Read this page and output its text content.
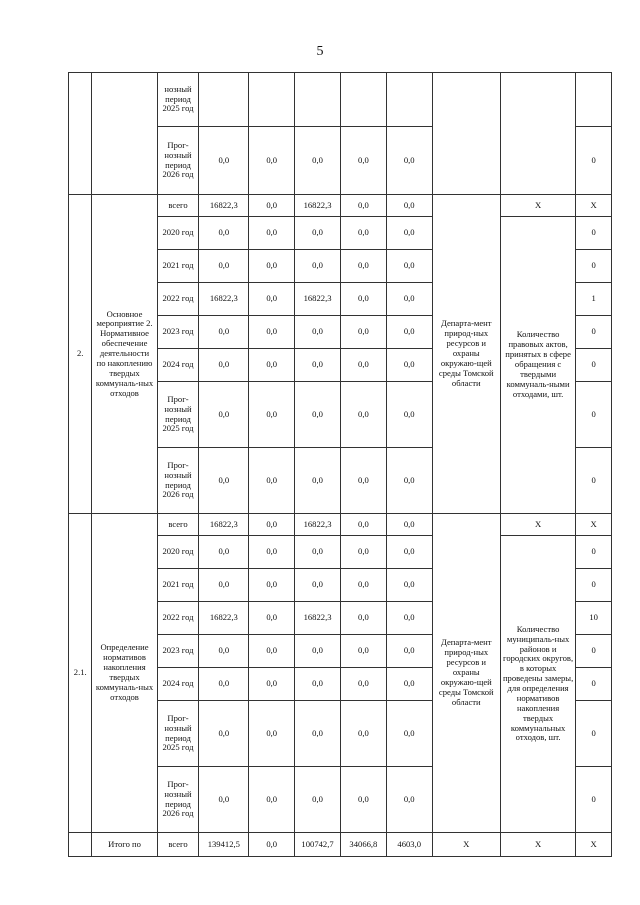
5
		нозный период 2025 год								
		Прог-нозный период 2026 год	0,0	0,0	0,0	0,0	0,0			0
2.	Основное мероприятие 2. Нормативное обеспечение деятельности по накоплению твердых коммуналь-ных отходов	всего	16822,3	0,0	16822,3	0,0	0,0	Департа-мент природ-ных ресурсов и охраны окружаю-щей среды Томской области	Х	Х
		2020 год	0,0	0,0	0,0	0,0	0,0		Количество правовых актов, принятых в сфере обращения с твердыми коммуналь-ными отходами, шт.	0
		2021 год	0,0	0,0	0,0	0,0	0,0			0
		2022 год	16822,3	0,0	16822,3	0,0	0,0			1
		2023 год	0,0	0,0	0,0	0,0	0,0			0
		2024 год	0,0	0,0	0,0	0,0	0,0			0
		Прог-нозный период 2025 год	0,0	0,0	0,0	0,0	0,0			0
		Прог-нозный период 2026 год	0,0	0,0	0,0	0,0	0,0			0
2.1.	Определение нормативов накопления твердых коммуналь-ных отходов	всего	16822,3	0,0	16822,3	0,0	0,0	Департа-мент природ-ных ресурсов и охраны окружаю-щей среды Томской области	Х	Х
		2020 год	0,0	0,0	0,0	0,0	0,0		Количество муниципаль-ных районов и городских округов, в которых проведены замеры, для определения нормативов накопления твердых коммунальных отходов, шт.	0
		2021 год	0,0	0,0	0,0	0,0	0,0			0
		2022 год	16822,3	0,0	16822,3	0,0	0,0			10
		2023 год	0,0	0,0	0,0	0,0	0,0			0
		2024 год	0,0	0,0	0,0	0,0	0,0			0
		Прог-нозный период 2025 год	0,0	0,0	0,0	0,0	0,0			0
		Прог-нозный период 2026 год	0,0	0,0	0,0	0,0	0,0			0
	Итого по	всего	139412,5	0,0	100742,7	34066,8	4603,0	Х	Х	Х
